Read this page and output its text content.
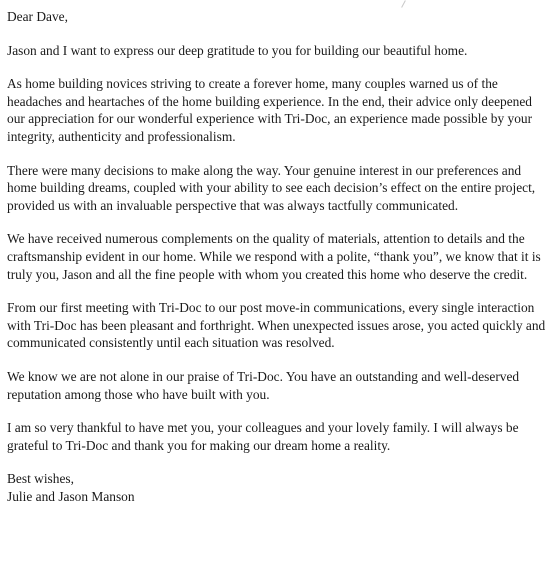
Dear Dave,

Jason and I want to express our deep gratitude to you for building our beautiful home.

As home building novices striving to create a forever home, many couples warned us of the headaches and heartaches of the home building experience. In the end, their advice only deepened our appreciation for our wonderful experience with Tri-Doc, an experience made possible by your integrity, authenticity and professionalism.

There were many decisions to make along the way. Your genuine interest in our preferences and home building dreams, coupled with your ability to see each decision’s effect on the entire project, provided us with an invaluable perspective that was always tactfully communicated.

We have received numerous complements on the quality of materials, attention to details and the craftsmanship evident in our home. While we respond with a polite, “thank you”, we know that it is truly you, Jason and all the fine people with whom you created this home who deserve the credit.

From our first meeting with Tri-Doc to our post move-in communications, every single interaction with Tri-Doc has been pleasant and forthright. When unexpected issues arose, you acted quickly and communicated consistently until each situation was resolved.

We know we are not alone in our praise of Tri-Doc. You have an outstanding and well-deserved reputation among those who have built with you.

I am so very thankful to have met you, your colleagues and your lovely family. I will always be grateful to Tri-Doc and thank you for making our dream home a reality.

Best wishes,

Julie and Jason Manson
